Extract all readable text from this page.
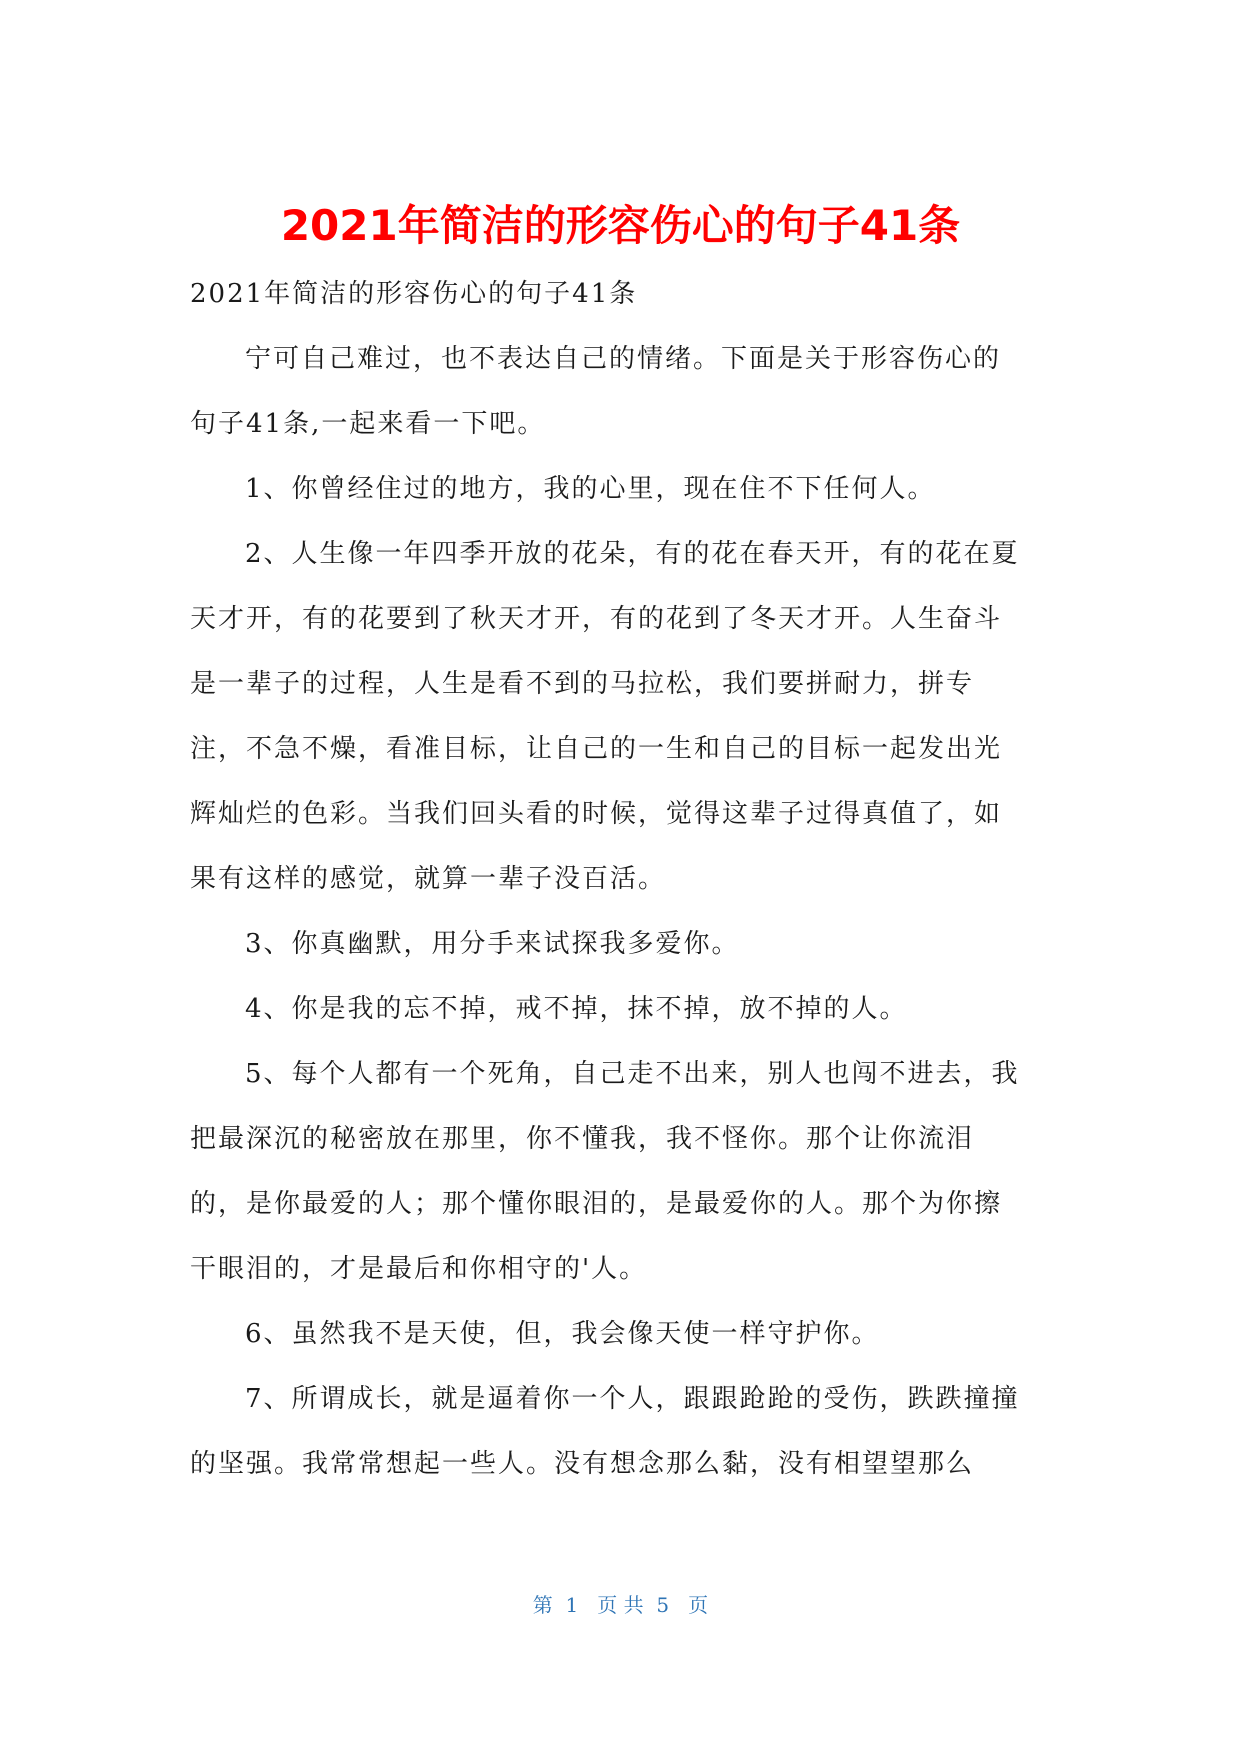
2021年简洁的形容伤心的句子41条

2021年简洁的形容伤心的句子41条

宁可自己难过，也不表达自己的情绪。下面是关于形容伤心的

句子41条,一起来看一下吧。

1、你曾经住过的地方，我的心里，现在住不下任何人。

2、人生像一年四季开放的花朵，有的花在春天开，有的花在夏

天才开，有的花要到了秋天才开，有的花到了冬天才开。人生奋斗

是一辈子的过程，人生是看不到的马拉松，我们要拼耐力，拼专

注，不急不燥，看准目标，让自己的一生和自己的目标一起发出光

辉灿烂的色彩。当我们回头看的时候，觉得这辈子过得真值了，如

果有这样的感觉，就算一辈子没百活。

3、你真幽默，用分手来试探我多爱你。

4、你是我的忘不掉，戒不掉，抹不掉，放不掉的人。

5、每个人都有一个死角，自己走不出来，别人也闯不进去，我

把最深沉的秘密放在那里，你不懂我，我不怪你。那个让你流泪

的，是你最爱的人；那个懂你眼泪的，是最爱你的人。那个为你擦

干眼泪的，才是最后和你相守的'人。

6、虽然我不是天使，但，我会像天使一样守护你。

7、所谓成长，就是逼着你一个人，跟跟跄跄的受伤，跌跌撞撞

的坚强。我常常想起一些人。没有想念那么黏，没有相望望那么

第  1   页 共  5   页
